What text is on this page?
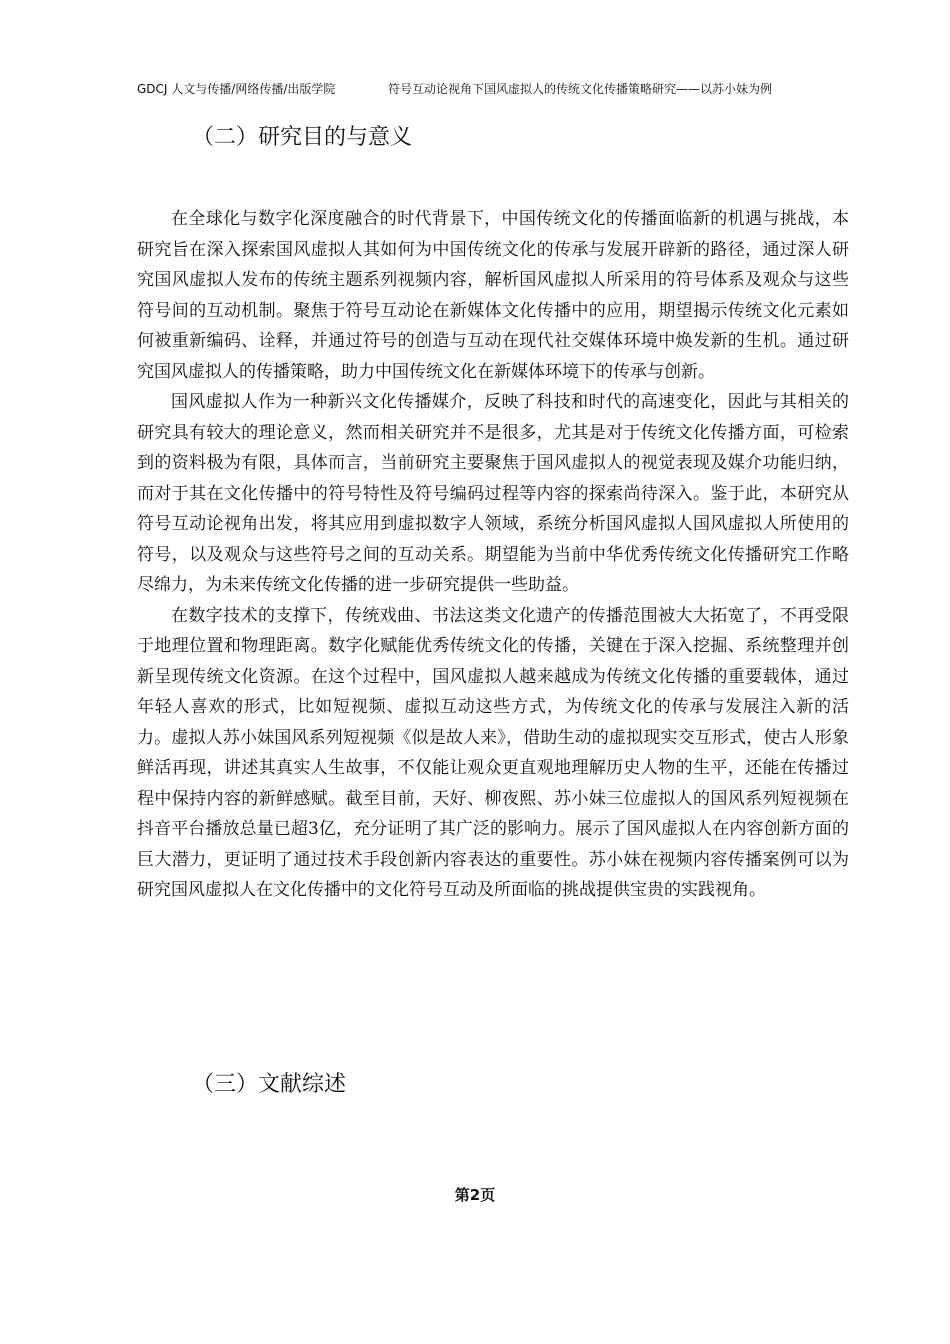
GDCJ 人文与传播/网络传播/出版学院	符号互动论视角下国风虚拟人的传统文化传播策略研究——以苏小妹为例
（二）研究目的与意义

在全球化与数字化深度融合的时代背景下，中国传统文化的传播面临新的机遇与挑战，本研究旨在深入探索国风虚拟人其如何为中国传统文化的传承与发展开辟新的路径，通过深人研究国风虚拟人发布的传统主题系列视频内容，解析国风虚拟人所采用的符号体系及观众与这些符号间的互动机制。聚焦于符号互动论在新媒体文化传播中的应用，期望揭示传统文化元素如何被重新编码、诠释，并通过符号的创造与互动在现代社交媒体环境中焕发新的生机。通过研究国风虚拟人的传播策略，助力中国传统文化在新媒体环境下的传承与创新。

国风虚拟人作为一种新兴文化传播媒介，反映了科技和时代的高速变化，因此与其相关的研究具有较大的理论意义，然而相关研究并不是很多，尤其是对于传统文化传播方面，可检索到的资料极为有限，具体而言，当前研究主要聚焦于国风虚拟人的视觉表现及媒介功能归纳，而对于其在文化传播中的符号特性及符号编码过程等内容的探索尚待深入。鉴于此，本研究从符号互动论视角出发，将其应用到虚拟数字人领域，系统分析国风虚拟人国风虚拟人所使用的符号，以及观众与这些符号之间的互动关系。期望能为当前中华优秀传统文化传播研究工作略尽绵力，为未来传统文化传播的进一步研究提供一些助益。

在数字技术的支撑下，传统戏曲、书法这类文化遗产的传播范围被大大拓宽了，不再受限于地理位置和物理距离。数字化赋能优秀传统文化的传播，关键在于深入挖掘、系统整理并创新呈现传统文化资源。在这个过程中，国风虚拟人越来越成为传统文化传播的重要载体，通过年轻人喜欢的形式，比如短视频、虚拟互动这些方式，为传统文化的传承与发展注入新的活力。虚拟人苏小妹国风系列短视频《似是故人来》，借助生动的虚拟现实交互形式，使古人形象鲜活再现，讲述其真实人生故事，不仅能让观众更直观地理解历史人物的生平，还能在传播过程中保持内容的新鲜感赋。截至目前，天好、柳夜熙、苏小妹三位虚拟人的国风系列短视频在抖音平台播放总量已超3亿，充分证明了其广泛的影响力。展示了国风虚拟人在内容创新方面的巨大潜力，更证明了通过技术手段创新内容表达的重要性。苏小妹在视频内容传播案例可以为研究国风虚拟人在文化传播中的文化符号互动及所面临的挑战提供宝贵的实践视角。

（三）文献综述
第2页
